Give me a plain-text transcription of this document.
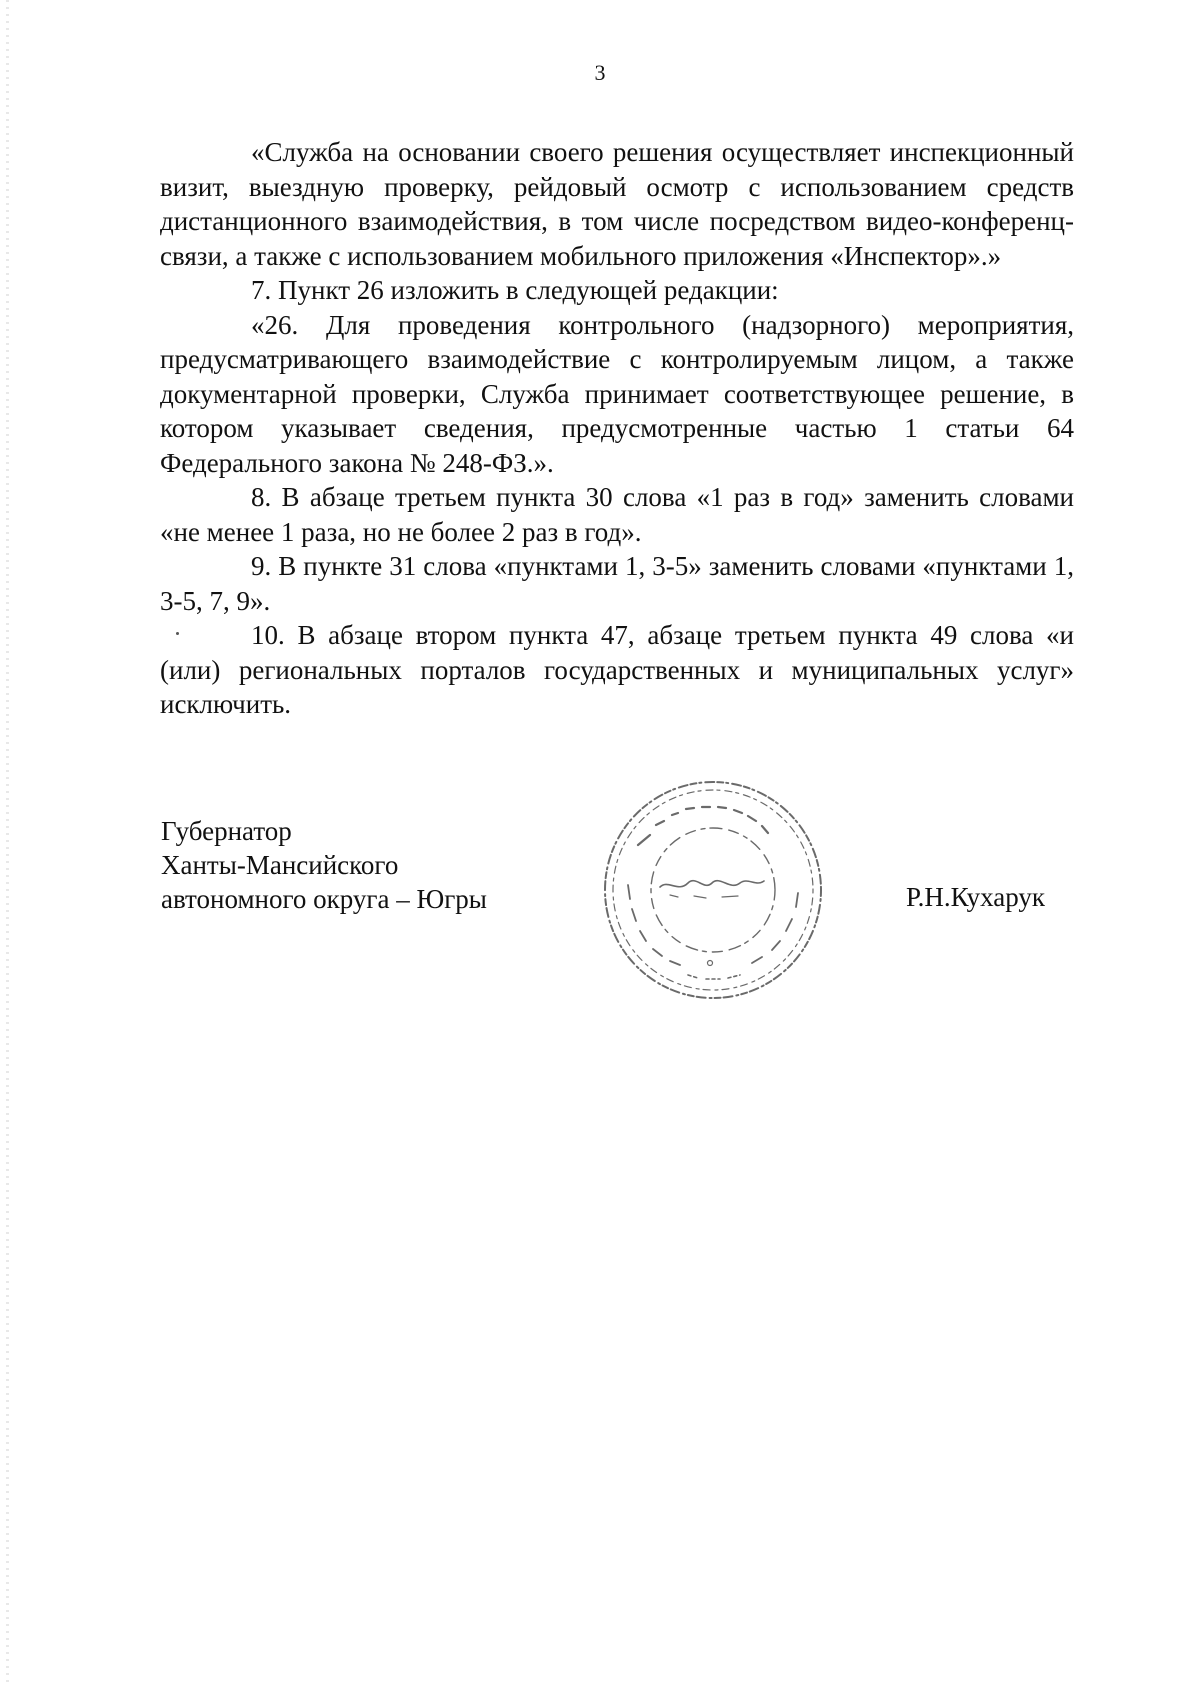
3

«Служба на основании своего решения осуществляет инспекционный визит, выездную проверку, рейдовый осмотр с использованием средств дистанционного взаимодействия, в том числе посредством видео-конференц-связи, а также с использованием мобильного приложения «Инспектор».»

7. Пункт 26 изложить в следующей редакции:

«26. Для проведения контрольного (надзорного) мероприятия, предусматривающего взаимодействие с контролируемым лицом, а также документарной проверки, Служба принимает соответствующее решение, в котором указывает сведения, предусмотренные частью 1 статьи 64 Федерального закона № 248-ФЗ.».

8. В абзаце третьем пункта 30 слова «1 раз в год» заменить словами «не менее 1 раза, но не более 2 раз в год».

9. В пункте 31 слова «пунктами 1, 3-5» заменить словами «пунктами 1, 3-5, 7, 9».

10. В абзаце втором пункта 47, абзаце третьем пункта 49 слова «и (или) региональных порталов государственных и муниципальных услуг» исключить.

Губернатор
Ханты-Мансийского
автономного округа – Югры	Р.Н.Кухарук
